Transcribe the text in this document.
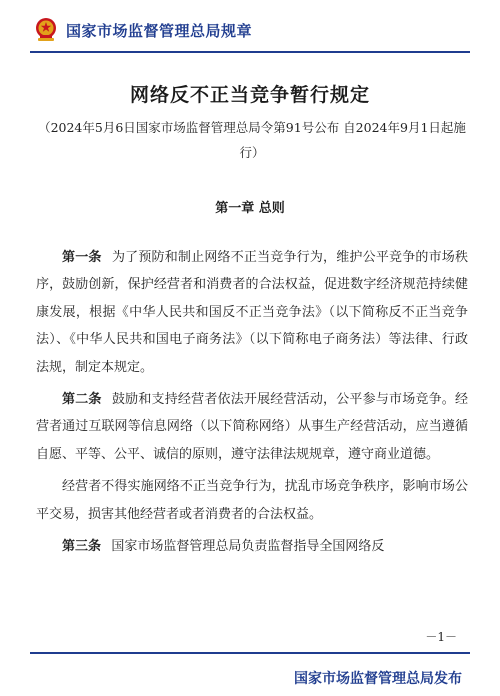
国家市场监督管理总局规章
网络反不正当竞争暂行规定
（2024年5月6日国家市场监督管理总局令第91号公布 自2024年9月1日起施行）
第一章 总则

第一条 为了预防和制止网络不正当竞争行为，维护公平竞争的市场秩序，鼓励创新，保护经营者和消费者的合法权益，促进数字经济规范持续健康发展，根据《中华人民共和国反不正当竞争法》（以下简称反不正当竞争法）、《中华人民共和国电子商务法》（以下简称电子商务法）等法律、行政法规，制定本规定。

第二条 鼓励和支持经营者依法开展经营活动，公平参与市场竞争。经营者通过互联网等信息网络（以下简称网络）从事生产经营活动，应当遵循自愿、平等、公平、诚信的原则，遵守法律法规规章，遵守商业道德。

经营者不得实施网络不正当竞争行为，扰乱市场竞争秩序，影响市场公平交易，损害其他经营者或者消费者的合法权益。

第三条 国家市场监督管理总局负责监督指导全国网络反

－1－
国家市场监督管理总局发布
